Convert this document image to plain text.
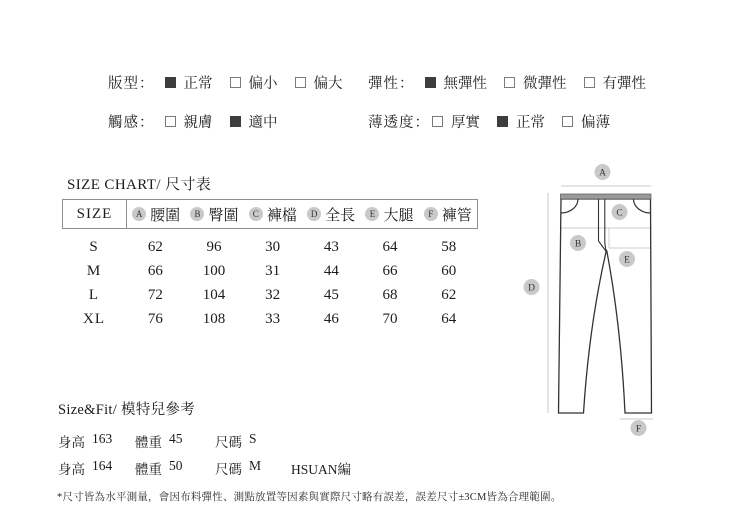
版型： 正常 偏小 偏大 彈性： 無彈性 微彈性 有彈性
觸感： 親膚 適中	薄透度： 厚實 正常 偏薄
SIZE CHART/ 尺寸表
SIZE	A 腰圍	B 臀圍	C 褲檔	D 全長	E 大腿	F 褲管
S	62	96	30	43	64	58
M	66	100	31	44	66	60
L	72	104	32	45	68	62
XL	76	108	33	46	70	64
A
C
B
E
D
F
Size&Fit/ 模特兒參考
身高 163 體重 45 尺碼 S
身高 164 體重 50 尺碼 M HSUAN編
*尺寸皆為水平測量，會因布料彈性、測點放置等因素與實際尺寸略有誤差，誤差尺寸±3CM皆為合理範圍。
